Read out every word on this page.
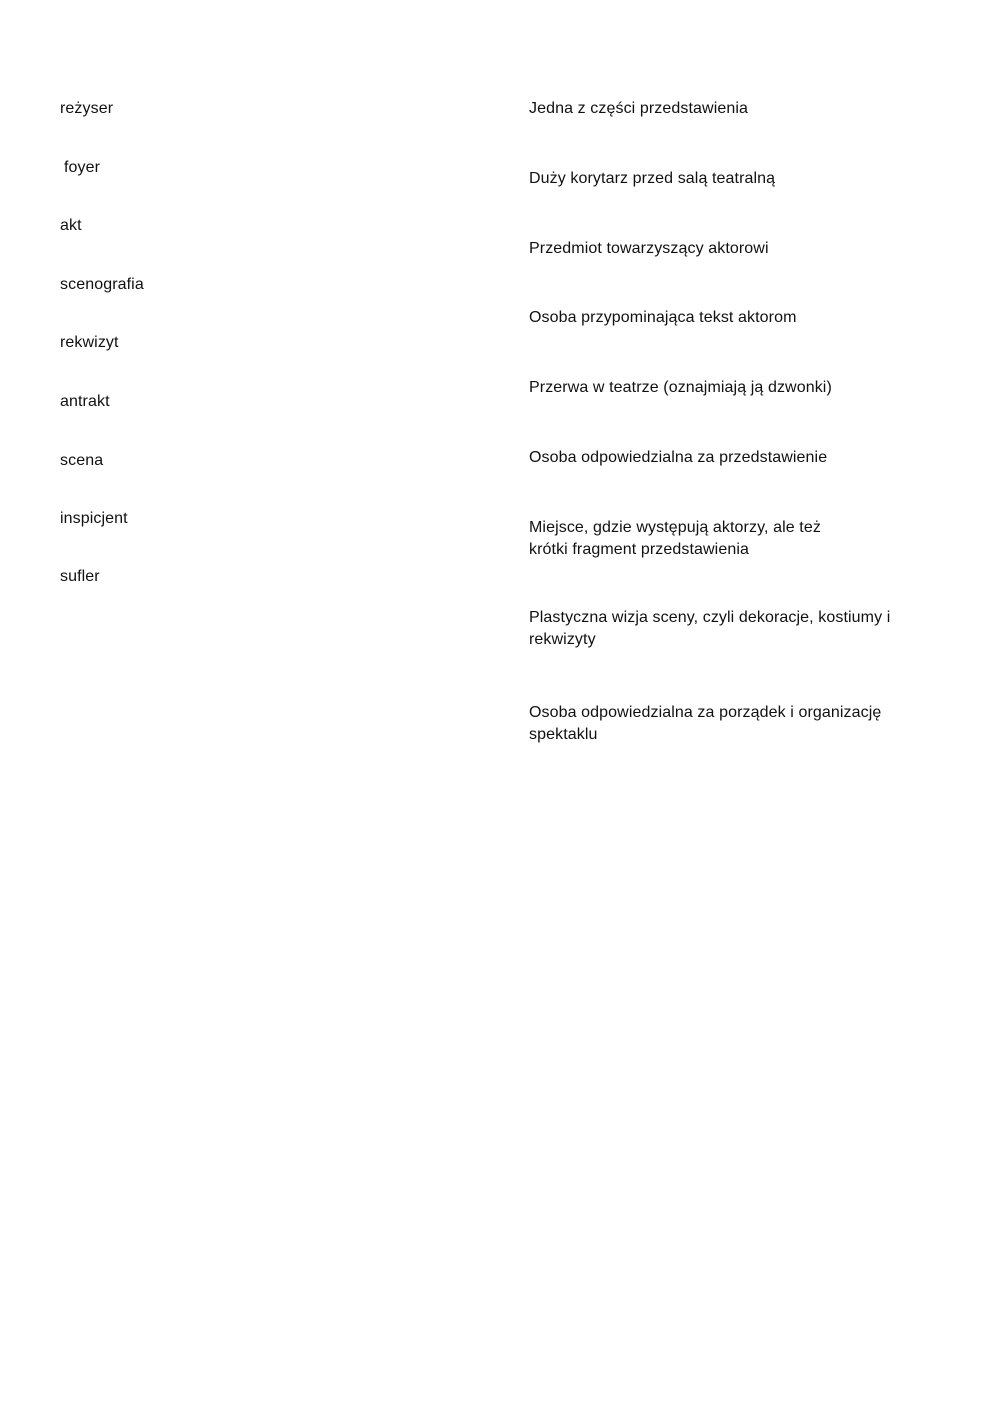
reżyser
foyer
akt
scenografia
rekwizyt
antrakt
scena
inspicjent
sufler
Jedna z części przedstawienia
Duży korytarz przed salą teatralną
Przedmiot towarzyszący aktorowi
Osoba przypominająca tekst aktorom
Przerwa w teatrze (oznajmiają ją dzwonki)
Osoba odpowiedzialna za przedstawienie
Miejsce, gdzie występują aktorzy, ale też
krótki fragment przedstawienia
Plastyczna wizja sceny, czyli dekoracje, kostiumy i
rekwizyty
Osoba odpowiedzialna za porządek i organizację
spektaklu
